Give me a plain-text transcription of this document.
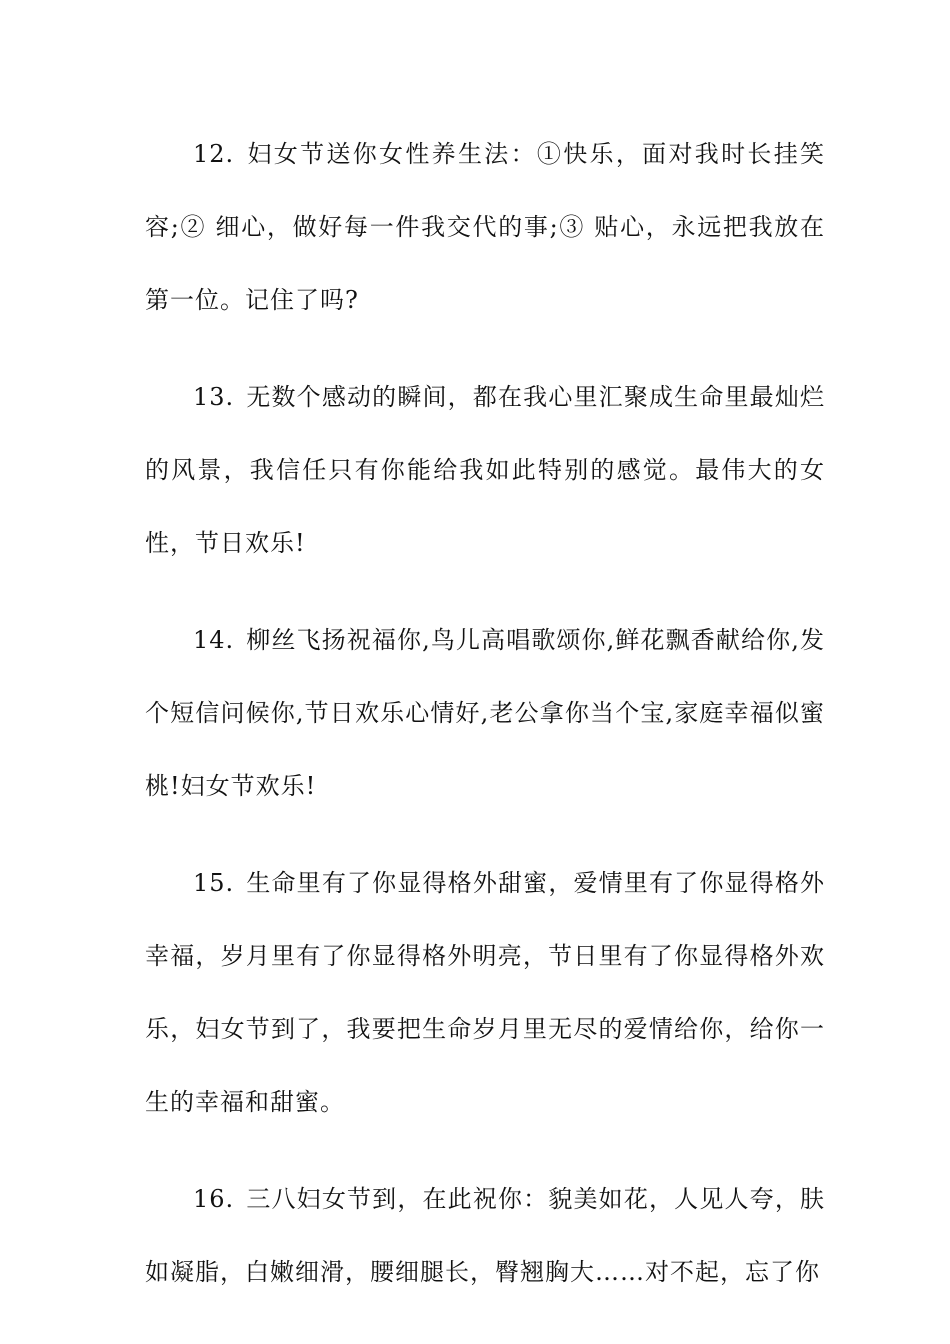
12. 妇女节送你女性养生法：①快乐，面对我时长挂笑容;② 细心，做好每一件我交代的事;③ 贴心，永远把我放在第一位。记住了吗?

13. 无数个感动的瞬间，都在我心里汇聚成生命里最灿烂的风景，我信任只有你能给我如此特别的感觉。最伟大的女性，节日欢乐!

14. 柳丝飞扬祝福你,鸟儿高唱歌颂你,鲜花飘香献给你,发个短信问候你,节日欢乐心情好,老公拿你当个宝,家庭幸福似蜜桃!妇女节欢乐!

15. 生命里有了你显得格外甜蜜，爱情里有了你显得格外幸福，岁月里有了你显得格外明亮，节日里有了你显得格外欢乐，妇女节到了，我要把生命岁月里无尽的爱情给你，给你一生的幸福和甜蜜。

16. 三八妇女节到，在此祝你：貌美如花，人见人夸，肤如凝脂，白嫩细滑，腰细腿长，臀翘胸大……对不起，忘了你
